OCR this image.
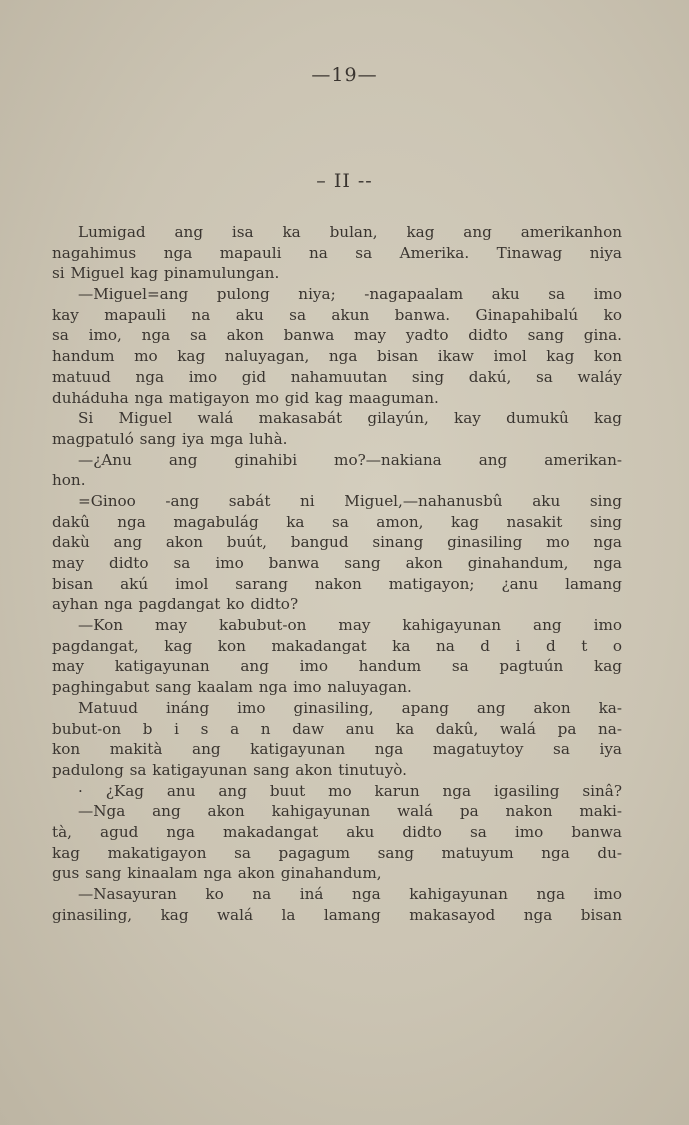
—19—
– II --
Lumigad ang isa ka bulan, kag ang amerikanhon
nagahimus nga mapauli na sa Amerika. Tinawag niya
si Miguel kag pinamulungan.
—Miguel=ang pulong niya; -nagapaalam aku sa imo
kay mapauli na aku sa akun banwa. Ginapahibalú ko
sa imo, nga sa akon banwa may yadto didto sang gina.
handum mo kag naluyagan, nga bisan ikaw imol kag kon
matuud nga imo gid nahamuutan sing dakú, sa waláy
duháduha nga matigayon mo gid kag maaguman.
Si Miguel walá makasabát gilayún, kay dumukû kag
magpatuló sang iya mga luhà.
—¿Anu ang ginahibi mo?—nakiana ang amerikan-
hon.
=Ginoo -ang sabát ni Miguel,—nahanusbû aku sing
dakû nga magabulág ka sa amon, kag nasakit sing
dakù ang akon buút, bangud sinang ginasiling mo nga
may didto sa imo banwa sang akon ginahandum, nga
bisan akú imol sarang nakon matigayon; ¿anu lamang
ayhan nga pagdangat ko didto?
—Kon may kabubut-on may kahigayunan ang imo
pagdangat, kag kon makadangat ka na d i d t o
may katigayunan ang imo handum sa pagtuún kag
paghingabut sang kaalam nga imo naluyagan.
Matuud ináng imo ginasiling, apang ang akon ka-
bubut-on b i s a n daw anu ka dakû, walá pa na-
kon makità ang katigayunan nga magatuytoy sa iya
padulong sa katigayunan sang akon tinutuyò.
· ¿Kag anu ang buut mo karun nga igasiling sinâ?
—Nga ang akon kahigayunan walá pa nakon maki-
tà, agud nga makadangat aku didto sa imo banwa
kag makatigayon sa pagagum sang matuyum nga du-
gus sang kinaalam nga akon ginahandum,
—Nasayuran ko na iná nga kahigayunan nga imo
ginasiling, kag walá la lamang makasayod nga bisan
